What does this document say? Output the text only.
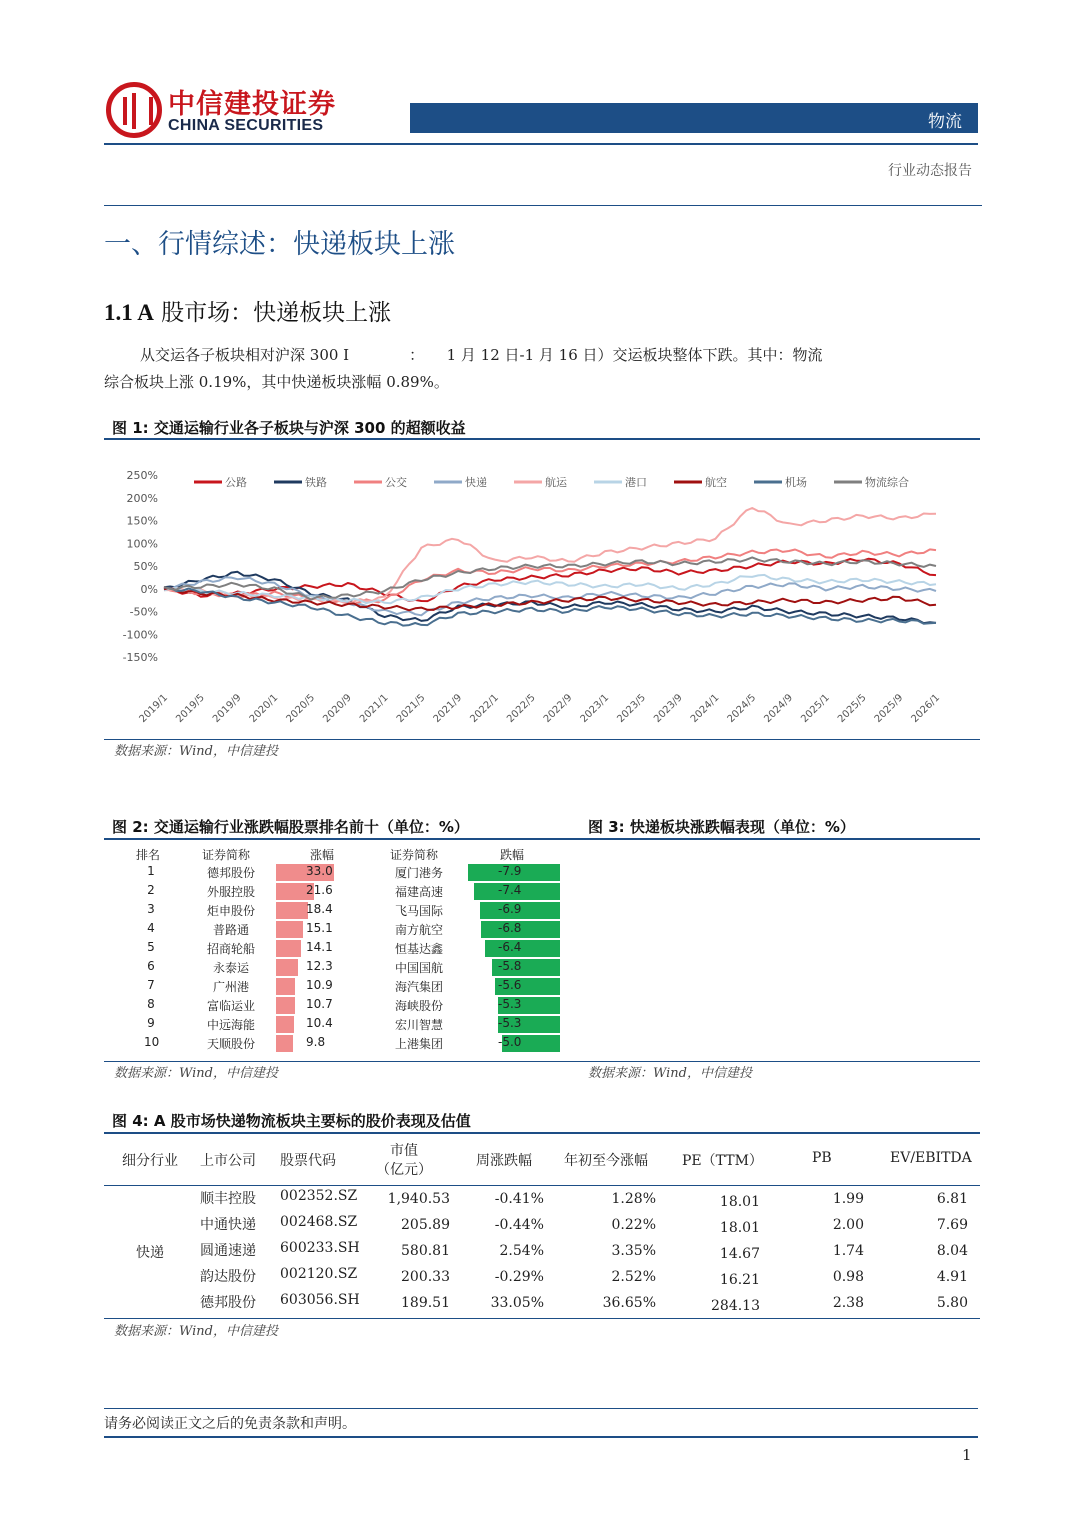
中信建投证券
CHINA SECURITIES	物流
行业动态报告
一、行情综述：快递板块上涨
1.1 A 股市场：快递板块上涨
从交运各子板块相对沪深 300 I　　　　：　　1 月 12 日-1 月 16 日）交运板块整体下跌。其中：物流
综合板块上涨 0.19%，其中快递板块涨幅 0.89%。
图 1: 交通运输行业各子板块与沪深 300 的超额收益
250%
200%
150%
100%
50%
0%
-50%
-100%
-150%
2019/1 2019/5 2019/9 2020/1 2020/5 2020/9 2021/1 2021/5 2021/9 2022/1 2022/5 2022/9 2023/1 2023/5 2023/9 2024/1 2024/5 2024/9 2025/1 2025/5 2025/9 2026/1
公路	铁路	公交	快递	航运	港口	航空	机场	物流综合
数据来源：Wind，中信建投
图 2: 交通运输行业涨跌幅股票排名前十（单位：%）	图 3: 快递板块涨跌幅表现（单位：%）
排名	证券简称	涨幅	证券简称	跌幅
1	德邦股份	33.0	厦门港务	-7.9
2	外服控股	21.6	福建高速	-7.4
3	炬申股份	18.4	飞马国际	-6.9
4	普路通	15.1	南方航空	-6.8
5	招商轮船	14.1	恒基达鑫	-6.4
6	永泰运	12.3	中国国航	-5.8
7	广州港	10.9	海汽集团	-5.6
8	富临运业	10.7	海峡股份	-5.3
9	中远海能	10.4	宏川智慧	-5.3
10	天顺股份	9.8	上港集团	-5.0
数据来源：Wind，中信建投	数据来源：Wind，中信建投
图 4: A 股市场快递物流板块主要标的股价表现及估值
细分行业 上市公司 股票代码
市值
（亿元）
周涨跌幅 年初至今涨幅 PE（TTM）	PB	EV/EBITDA
快递
顺丰控股 002352.SZ	1,940.53	-0.41%	1.28%	18.01	1.99	6.81
中通快递 002468.SZ	205.89	-0.44%	0.22%	18.01	2.00	7.69
圆通速递 600233.SH	580.81	2.54%	3.35%	14.67	1.74	8.04
韵达股份 002120.SZ	200.33	-0.29%	2.52%	16.21	0.98	4.91
德邦股份 603056.SH	189.51	33.05%	36.65%	284.13	2.38	5.80
数据来源：Wind，中信建投
请务必阅读正文之后的免责条款和声明。
1
